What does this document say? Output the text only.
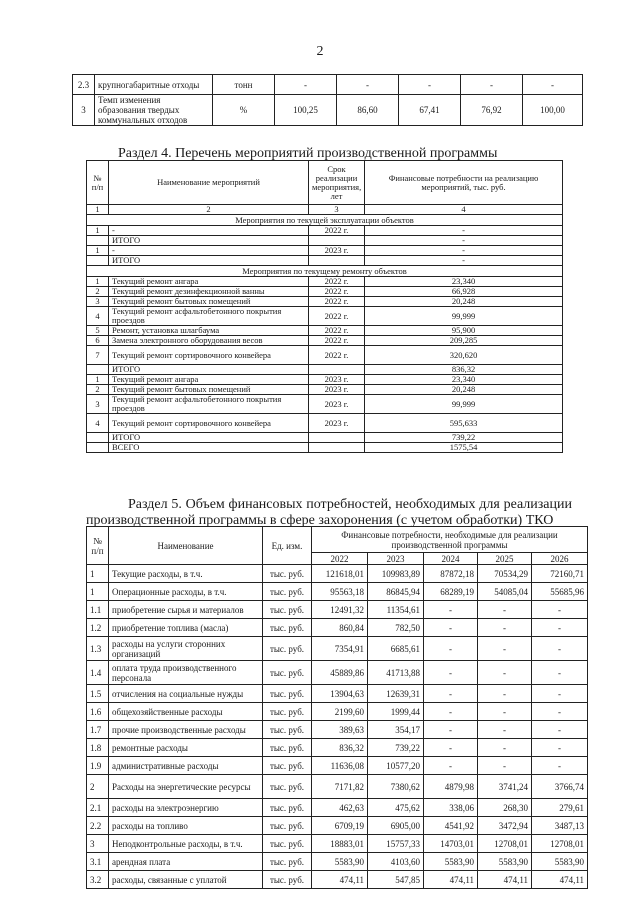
2
2.3	крупногабаритные отходы	тонн	-	-	-	-	-
3	Темп изменения образования твердых коммунальных отходов	%	100,25	86,60	67,41	76,92	100,00
Раздел 4. Перечень мероприятий производственной программы
№ п/п	Наименование мероприятий	Срок реализации мероприятия, лет	Финансовые потребности на реализацию мероприятий, тыс. руб.
1	2	3	4
Мероприятия по текущей эксплуатации объектов			
1	-	2022 г.	-
	ИТОГО		-
1	-	2023 г.	-
	ИТОГО		-
Мероприятия по текущему ремонту объектов			
1	Текущий ремонт ангара	2022 г.	23,340
2	Текущий ремонт дезинфекционной ванны	2022 г.	66,928
3	Текущий ремонт бытовых помещений	2022 г.	20,248
4	Текущий ремонт асфальтобетонного покрытия проездов	2022 г.	99,999
5	Ремонт, установка шлагбаума	2022 г.	95,900
6	Замена электронного оборудования весов	2022 г.	209,285
7	Текущий ремонт сортировочного конвейера	2022 г.	320,620
	ИТОГО		836,32
1	Текущий ремонт ангара	2023 г.	23,340
2	Текущий ремонт бытовых помещений	2023 г.	20,248
3	Текущий ремонт асфальтобетонного покрытия проездов	2023 г.	99,999
4	Текущий ремонт сортировочного конвейера	2023 г.	595,633
	ИТОГО		739,22
	ВСЕГО		1575,54
Раздел 5. Объем финансовых потребностей, необходимых для реализации
производственной программы в сфере захоронения (с учетом обработки) ТКО
№ п/п	Наименование	Ед. изм.	Финансовые потребности, необходимые для реализации производственной программы				
			2022	2023	2024	2025	2026
1	Текущие расходы, в т.ч.	тыс. руб.	121618,01	109983,89	87872,18	70534,29	72160,71
1	Операционные расходы, в т.ч.	тыс. руб.	95563,18	86845,94	68289,19	54085,04	55685,96
1.1	приобретение сырья и материалов	тыс. руб.	12491,32	11354,61	-	-	-
1.2	приобретение топлива (масла)	тыс. руб.	860,84	782,50	-	-	-
1.3	расходы на услуги сторонних организаций	тыс. руб.	7354,91	6685,61	-	-	-
1.4	оплата труда производственного персонала	тыс. руб.	45889,86	41713,88	-	-	-
1.5	отчисления на социальные нужды	тыс. руб.	13904,63	12639,31	-	-	-
1.6	общехозяйственные расходы	тыс. руб.	2199,60	1999,44	-	-	-
1.7	прочие производственные расходы	тыс. руб.	389,63	354,17	-	-	-
1.8	ремонтные расходы	тыс. руб.	836,32	739,22	-	-	-
1.9	административные расходы	тыс. руб.	11636,08	10577,20	-	-	-
2	Расходы на энергетические ресурсы	тыс. руб.	7171,82	7380,62	4879,98	3741,24	3766,74
2.1	расходы на электроэнергию	тыс. руб.	462,63	475,62	338,06	268,30	279,61
2.2	расходы на топливо	тыс. руб.	6709,19	6905,00	4541,92	3472,94	3487,13
3	Неподконтрольные расходы, в т.ч.	тыс. руб.	18883,01	15757,33	14703,01	12708,01	12708,01
3.1	арендная плата	тыс. руб.	5583,90	4103,60	5583,90	5583,90	5583,90
3.2	расходы, связанные с уплатой	тыс. руб.	474,11	547,85	474,11	474,11	474,11
